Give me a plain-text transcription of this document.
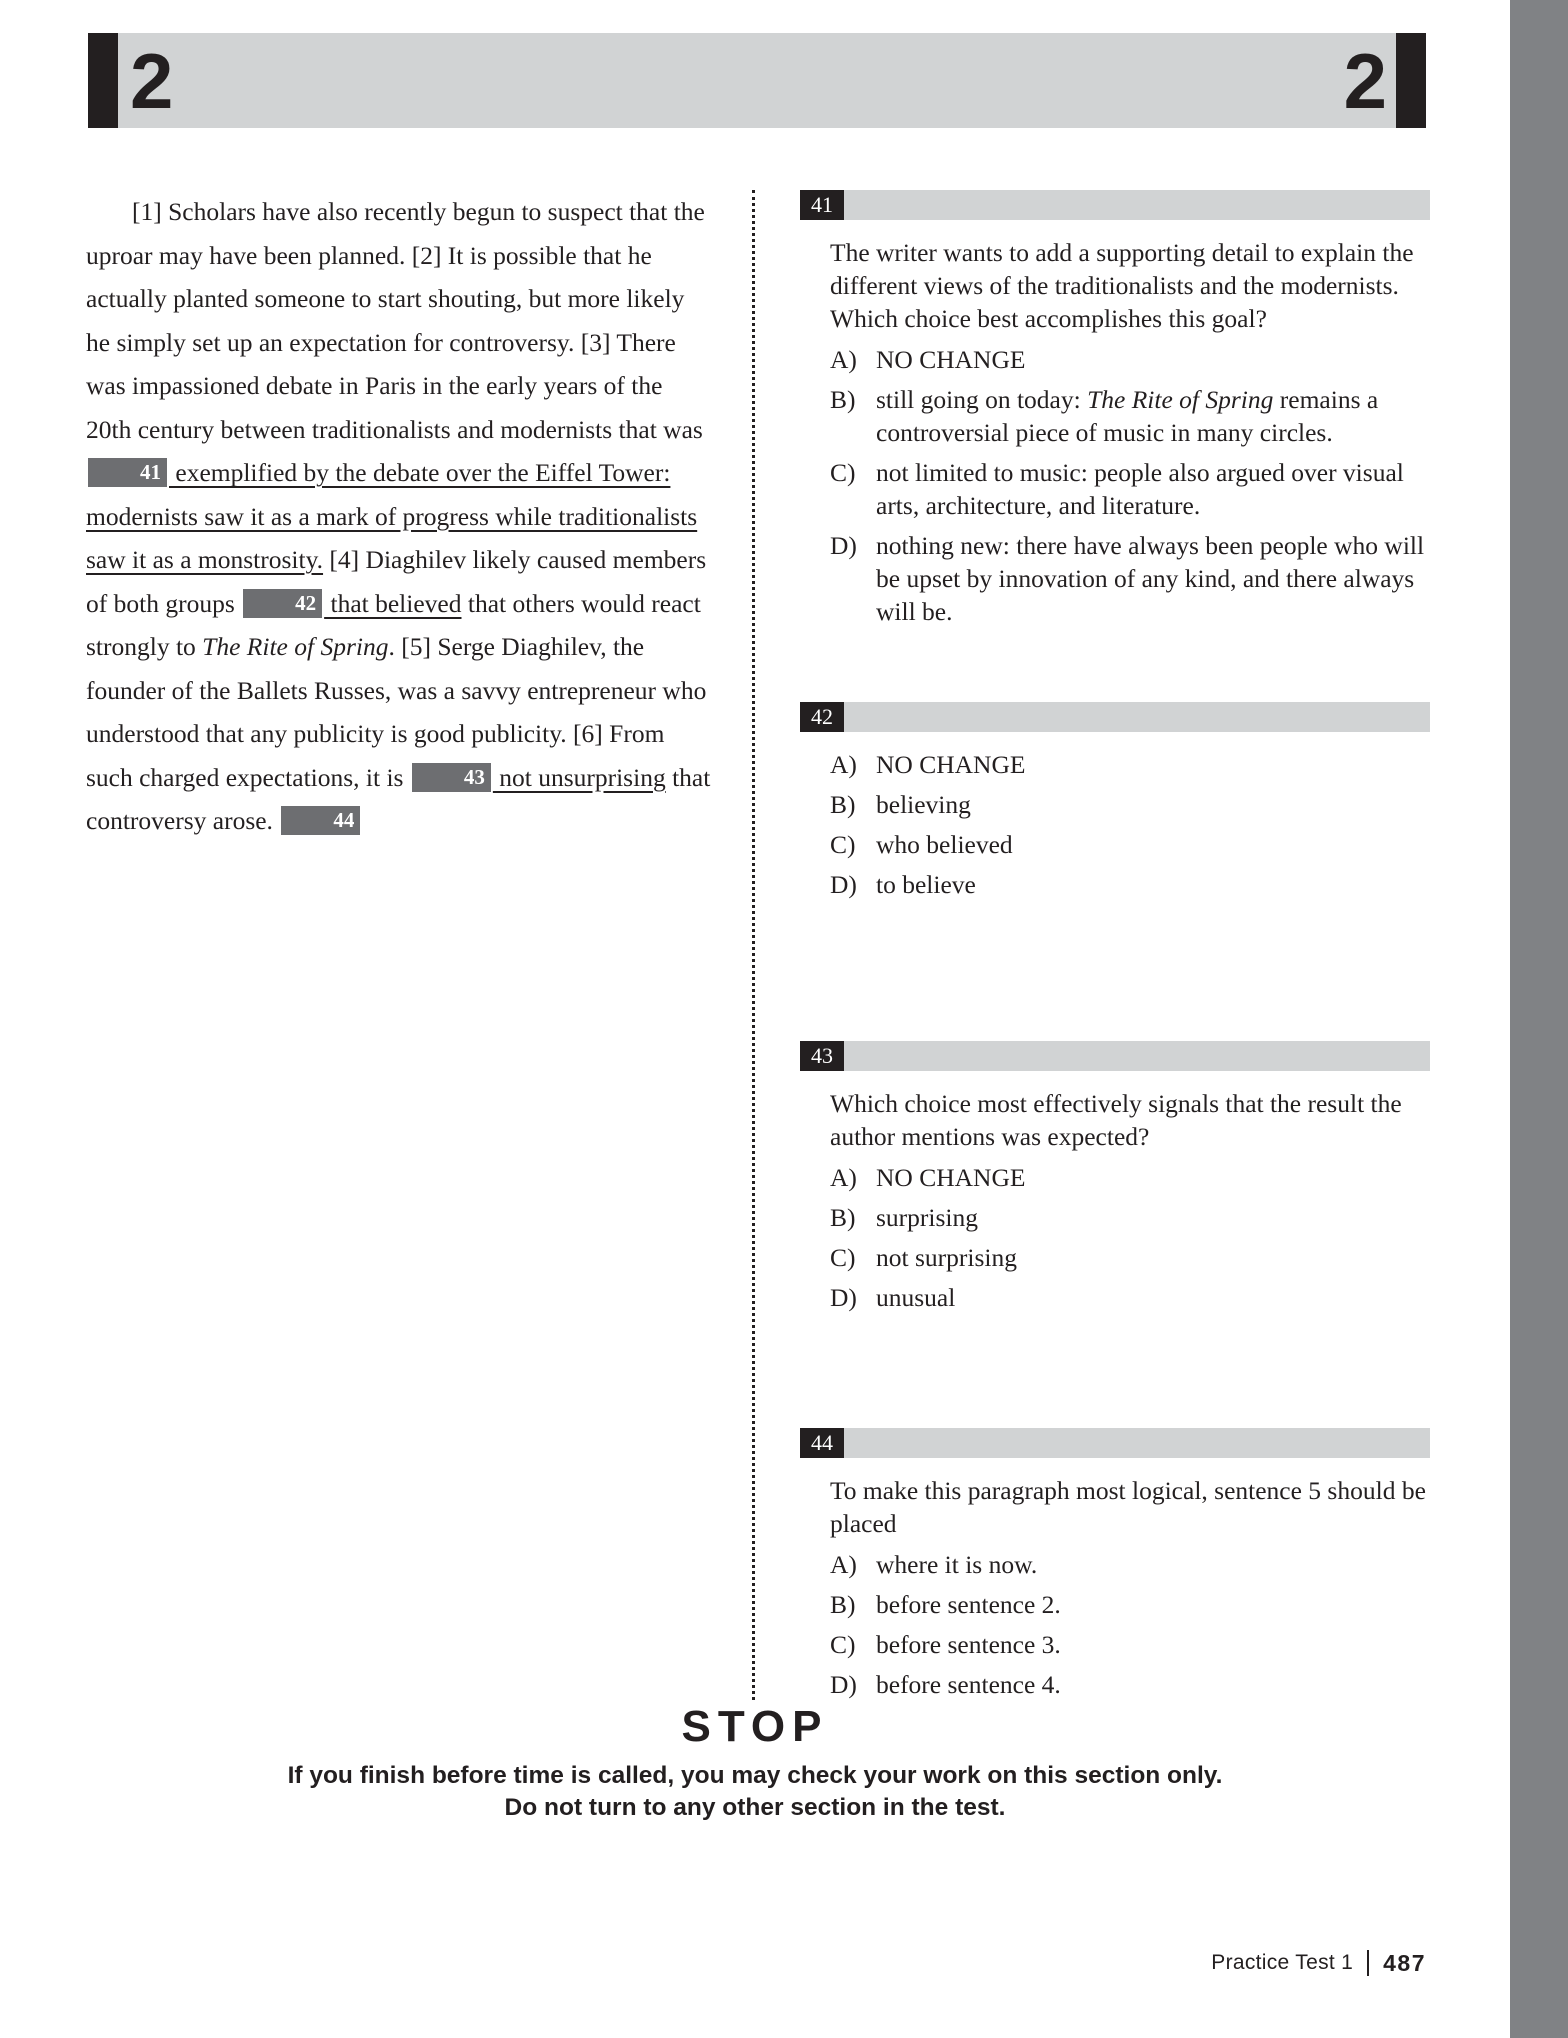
2	2

[1] Scholars have also recently begun to suspect that the uproar may have been planned. [2] It is possible that he actually planted someone to start shouting, but more likely he simply set up an expectation for controversy. [3] There was impassioned debate in Paris in the early years of the 20th century between traditionalists and modernists that was 41 exemplified by the debate over the Eiffel Tower: modernists saw it as a mark of progress while traditionalists saw it as a monstrosity. [4] Diaghilev likely caused members of both groups	42 that believed that others would react strongly to The Rite of Spring. [5] Serge Diaghilev, the founder of the Ballets Russes, was a savvy entrepreneur who understood that any publicity is good publicity. [6] From such charged expectations, it is	43 not unsurprising that controversy arose.	44

41

The writer wants to add a supporting detail to explain the different views of the traditionalists and the modernists. Which choice best accomplishes this goal?

A) NO CHANGE
B) still going on today: The Rite of Spring remains a controversial piece of music in many circles.
C) not limited to music: people also argued over visual arts, architecture, and literature.
D) nothing new: there have always been people who will be upset by innovation of any kind, and there always will be.
42
A) NO CHANGE
B) believing
C) who believed
D) to believe
43

Which choice most effectively signals that the result the author mentions was expected?

A) NO CHANGE
B) surprising
C) not surprising
D) unusual
44

To make this paragraph most logical, sentence 5 should be placed

A) where it is now.
B) before sentence 2.
C) before sentence 3.
D) before sentence 4.
STOP
If you finish before time is called, you may check your work on this section only.
Do not turn to any other section in the test.
Practice Test 1 487
